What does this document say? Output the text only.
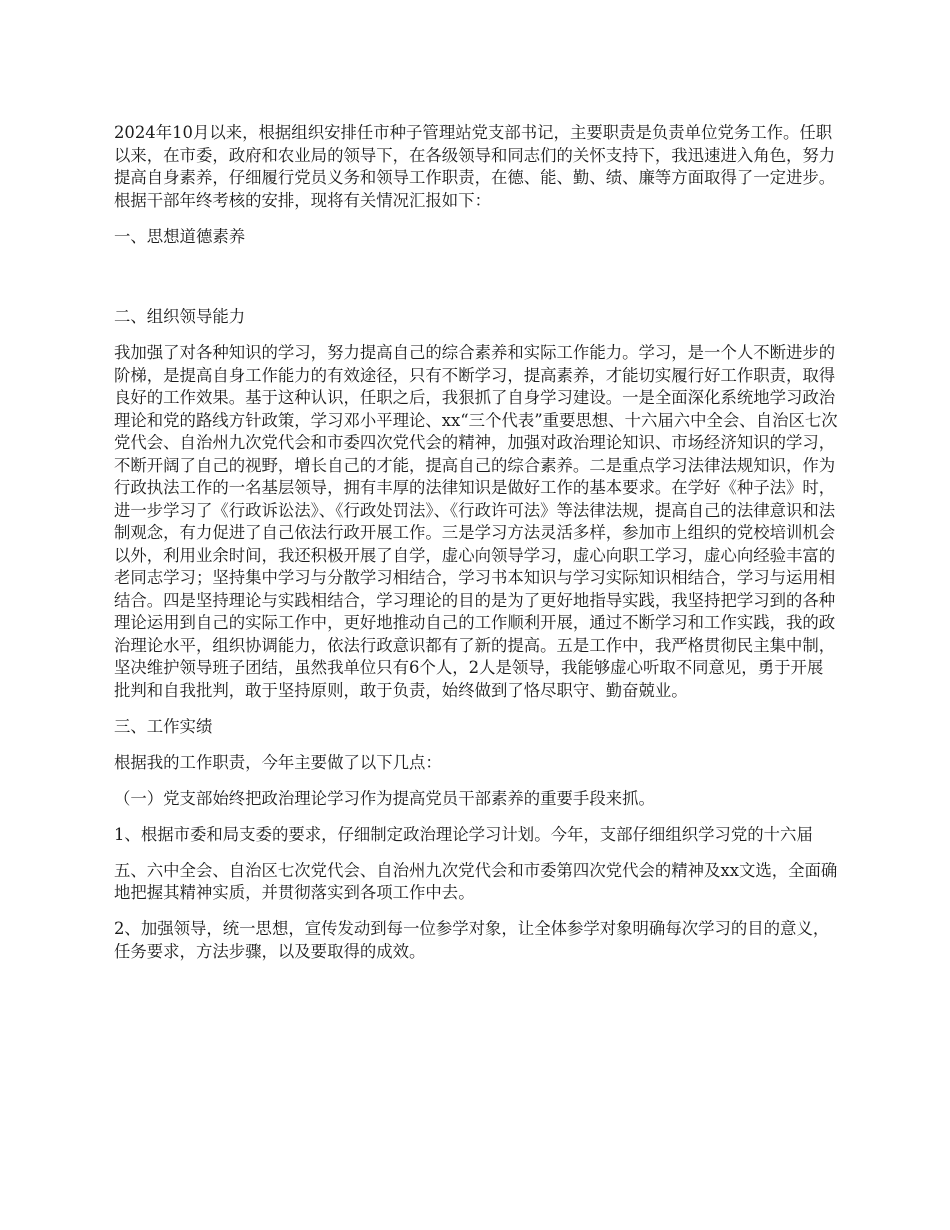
2024年10月以来，根据组织安排任市种子管理站党支部书记，主要职责是负责单位党务工作。任职以来，在市委，政府和农业局的领导下，在各级领导和同志们的关怀支持下，我迅速进入角色，努力提高自身素养，仔细履行党员义务和领导工作职责，在德、能、勤、绩、廉等方面取得了一定进步。根据干部年终考核的安排，现将有关情况汇报如下：

一、思想道德素养

二、组织领导能力

我加强了对各种知识的学习，努力提高自己的综合素养和实际工作能力。学习，是一个人不断进步的阶梯，是提高自身工作能力的有效途径，只有不断学习，提高素养，才能切实履行好工作职责，取得良好的工作效果。基于这种认识，任职之后，我狠抓了自身学习建设。一是全面深化系统地学习政治理论和党的路线方针政策，学习邓小平理论、xx“三个代表”重要思想、十六届六中全会、自治区七次党代会、自治州九次党代会和市委四次党代会的精神，加强对政治理论知识、市场经济知识的学习，不断开阔了自己的视野，增长自己的才能，提高自己的综合素养。二是重点学习法律法规知识，作为行政执法工作的一名基层领导，拥有丰厚的法律知识是做好工作的基本要求。在学好《种子法》时，进一步学习了《行政诉讼法》、《行政处罚法》、《行政许可法》等法律法规，提高自己的法律意识和法制观念，有力促进了自己依法行政开展工作。三是学习方法灵活多样，参加市上组织的党校培训机会以外，利用业余时间，我还积极开展了自学，虚心向领导学习，虚心向职工学习，虚心向经验丰富的老同志学习；坚持集中学习与分散学习相结合，学习书本知识与学习实际知识相结合，学习与运用相结合。四是坚持理论与实践相结合，学习理论的目的是为了更好地指导实践，我坚持把学习到的各种理论运用到自己的实际工作中，更好地推动自己的工作顺利开展，通过不断学习和工作实践，我的政治理论水平，组织协调能力，依法行政意识都有了新的提高。五是工作中，我严格贯彻民主集中制，坚决维护领导班子团结，虽然我单位只有6个人，2人是领导，我能够虚心听取不同意见，勇于开展批判和自我批判，敢于坚持原则，敢于负责，始终做到了恪尽职守、勤奋兢业。

三、工作实绩

根据我的工作职责，今年主要做了以下几点：

（一）党支部始终把政治理论学习作为提高党员干部素养的重要手段来抓。

1、根据市委和局支委的要求，仔细制定政治理论学习计划。今年，支部仔细组织学习党的十六届

五、六中全会、自治区七次党代会、自治州九次党代会和市委第四次党代会的精神及xx文选，全面确地把握其精神实质，并贯彻落实到各项工作中去。

2、加强领导，统一思想，宣传发动到每一位参学对象，让全体参学对象明确每次学习的目的意义，任务要求，方法步骤，以及要取得的成效。
